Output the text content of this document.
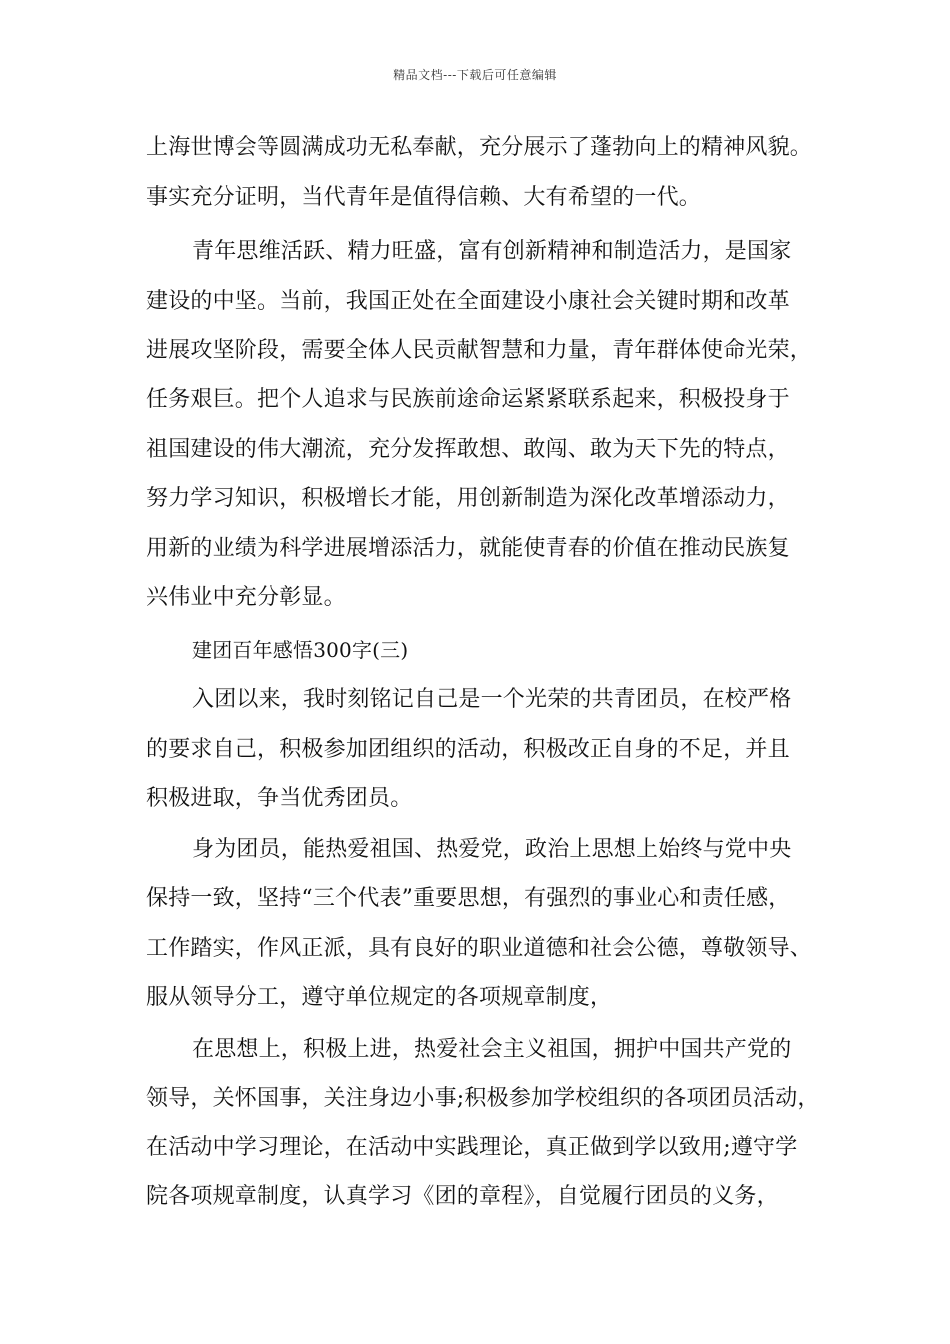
精品文档---下载后可任意编辑
上海世博会等圆满成功无私奉献，充分展示了蓬勃向上的精神风貌。
事实充分证明，当代青年是值得信赖、大有希望的一代。
青年思维活跃、精力旺盛，富有创新精神和制造活力，是国家
建设的中坚。当前，我国正处在全面建设小康社会关键时期和改革
进展攻坚阶段，需要全体人民贡献智慧和力量，青年群体使命光荣，
任务艰巨。把个人追求与民族前途命运紧紧联系起来，积极投身于
祖国建设的伟大潮流，充分发挥敢想、敢闯、敢为天下先的特点，
努力学习知识，积极增长才能，用创新制造为深化改革增添动力，
用新的业绩为科学进展增添活力，就能使青春的价值在推动民族复
兴伟业中充分彰显。
建团百年感悟300字(三)
入团以来，我时刻铭记自己是一个光荣的共青团员，在校严格
的要求自己，积极参加团组织的活动，积极改正自身的不足，并且
积极进取，争当优秀团员。
身为团员，能热爱祖国、热爱党，政治上思想上始终与党中央
保持一致，坚持“三个代表”重要思想，有强烈的事业心和责任感，
工作踏实，作风正派，具有良好的职业道德和社会公德，尊敬领导、
服从领导分工，遵守单位规定的各项规章制度，
在思想上，积极上进，热爱社会主义祖国，拥护中国共产党的
领导，关怀国事，关注身边小事;积极参加学校组织的各项团员活动，
在活动中学习理论，在活动中实践理论，真正做到学以致用;遵守学
院各项规章制度，认真学习《团的章程》，自觉履行团员的义务，
